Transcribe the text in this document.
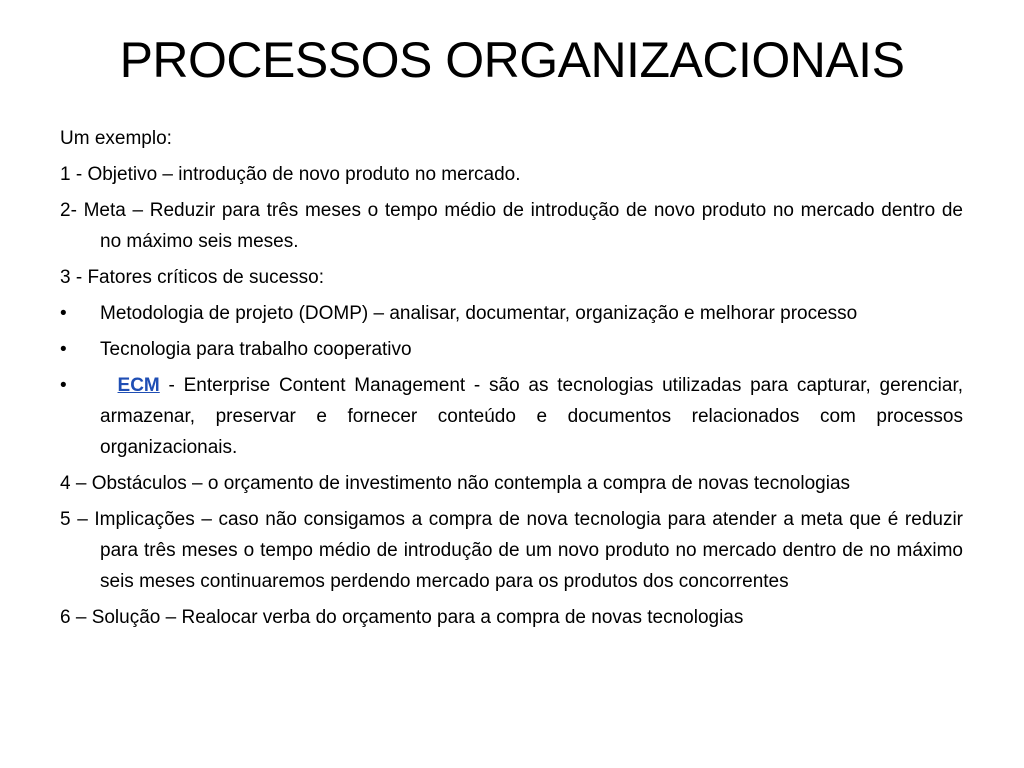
PROCESSOS ORGANIZACIONAIS

Um exemplo:

1 - Objetivo – introdução de novo produto no mercado.

2- Meta – Reduzir para três meses o tempo médio de introdução de novo produto no mercado dentro de no máximo seis meses.

3 - Fatores críticos de sucesso:

•	Metodologia de projeto (DOMP) – analisar, documentar, organização e melhorar processo
•	Tecnologia para trabalho cooperativo
•	ECM - Enterprise Content Management - são as tecnologias utilizadas para capturar, gerenciar, armazenar, preservar e fornecer conteúdo e documentos relacionados com processos organizacionais.

4 – Obstáculos – o orçamento de investimento não contempla a compra de novas tecnologias

5 – Implicações – caso não consigamos a compra de nova tecnologia para atender a meta que é reduzir para três meses o tempo médio de introdução de um novo produto no mercado dentro de no máximo seis meses continuaremos perdendo mercado para os produtos dos concorrentes

6 – Solução – Realocar verba do orçamento para a compra de novas tecnologias
